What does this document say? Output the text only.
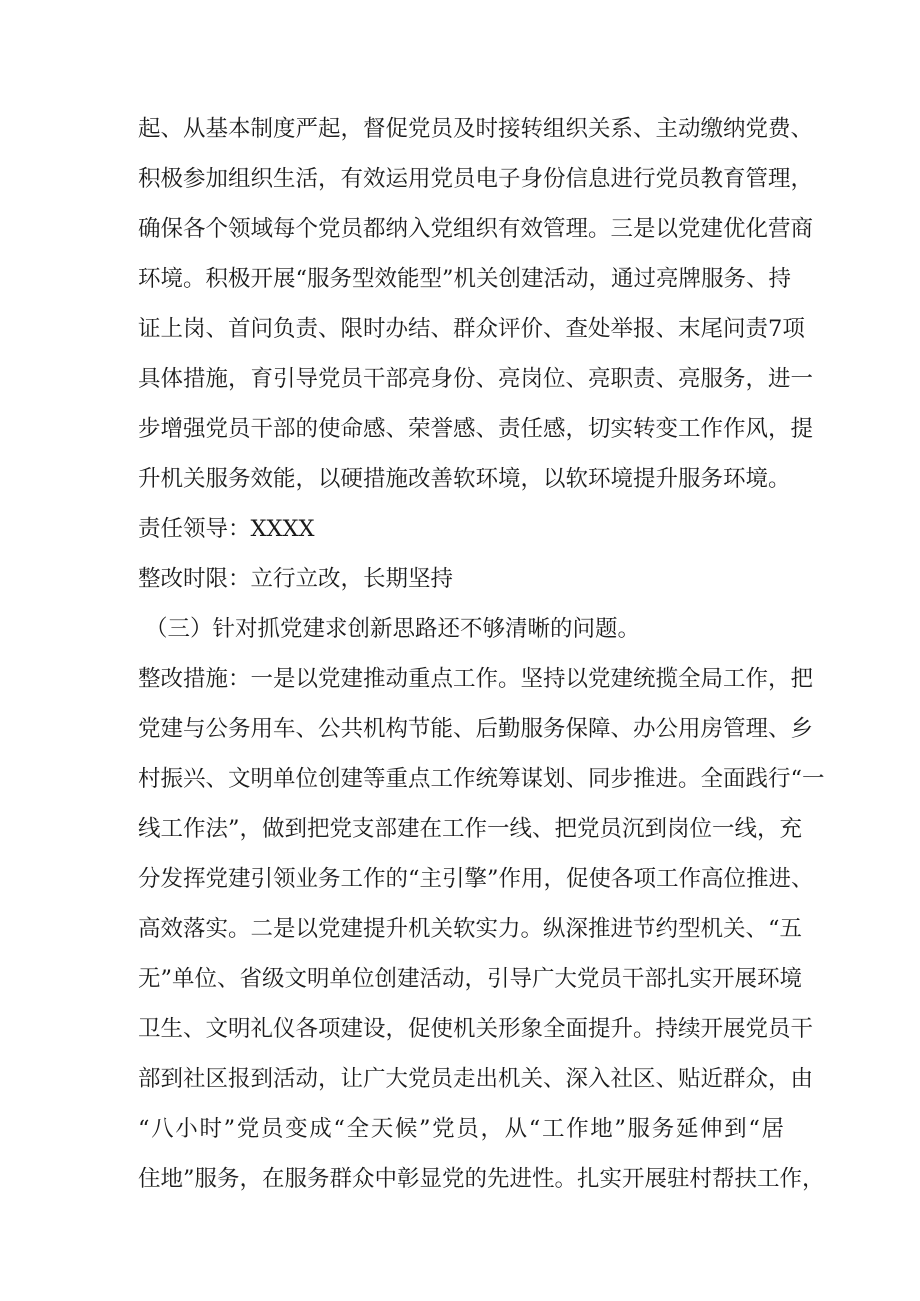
起、从基本制度严起，督促党员及时接转组织关系、主动缴纳党费、
积极参加组织生活，有效运用党员电子身份信息进行党员教育管理，
确保各个领域每个党员都纳入党组织有效管理。三是以党建优化营商
环境。积极开展“服务型效能型”机关创建活动，通过亮牌服务、持
证上岗、首问负责、限时办结、群众评价、查处举报、末尾问责7项
具体措施，育引导党员干部亮身份、亮岗位、亮职责、亮服务，进一
步增强党员干部的使命感、荣誉感、责任感，切实转变工作作风，提
升机关服务效能，以硬措施改善软环境，以软环境提升服务环境。
责任领导：XXXX
整改时限：立行立改，长期坚持
（三）针对抓党建求创新思路还不够清晰的问题。
整改措施：一是以党建推动重点工作。坚持以党建统揽全局工作，把
党建与公务用车、公共机构节能、后勤服务保障、办公用房管理、乡
村振兴、文明单位创建等重点工作统筹谋划、同步推进。全面践行“一
线工作法”，做到把党支部建在工作一线、把党员沉到岗位一线，充
分发挥党建引领业务工作的“主引擎”作用，促使各项工作高位推进、
高效落实。二是以党建提升机关软实力。纵深推进节约型机关、“五
无”单位、省级文明单位创建活动，引导广大党员干部扎实开展环境
卫生、文明礼仪各项建设，促使机关形象全面提升。持续开展党员干
部到社区报到活动，让广大党员走出机关、深入社区、贴近群众，由
“八小时”党员变成“全天候”党员，从“工作地”服务延伸到“居
住地”服务，在服务群众中彰显党的先进性。扎实开展驻村帮扶工作，
